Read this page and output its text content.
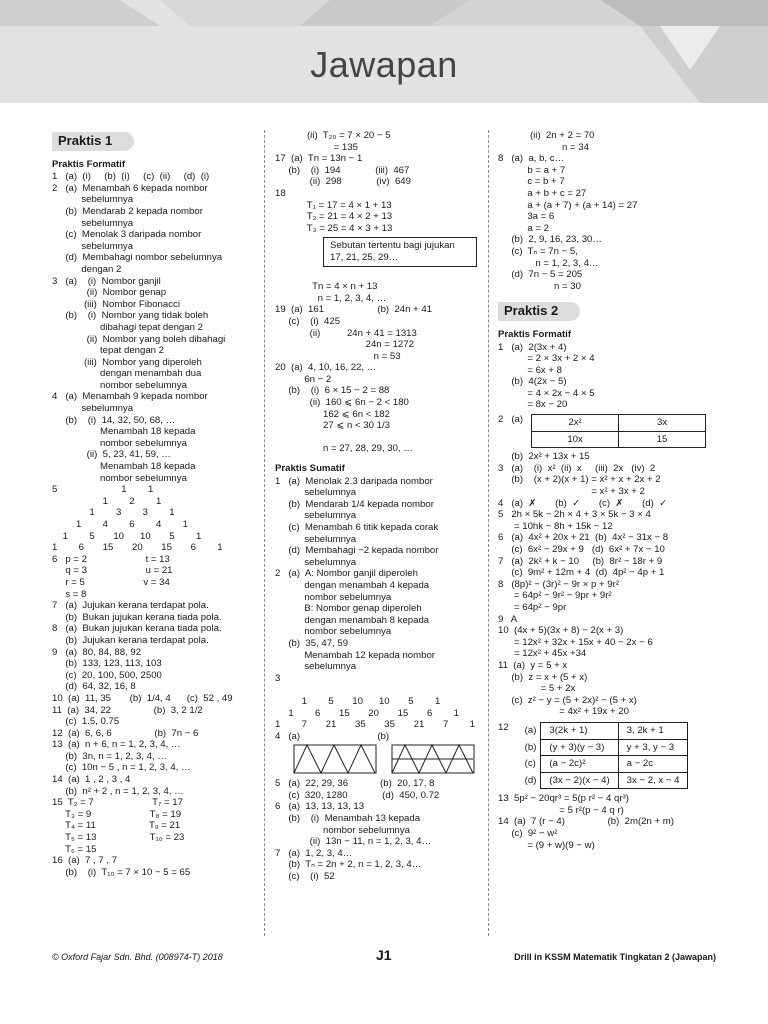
Jawapan
Praktis 1
Praktis Formatif
1   (a)  (i)     (b)  (i)     (c)  (ii)     (d)  (i)
2   (a)  Menambah 6 kepada nombor
sebelumnya
(b)  Mendarab 2 kepada nombor
sebelumnya
(c)  Menolak 3 daripada nombor
sebelumnya
(d)  Membahagi nombor sebelumnya
dengan 2
3   (a)    (i)  Nombor ganjil
(ii)  Nombor genap
(iii)  Nombor Fibonacci
(b)    (i)  Nombor yang tidak boleh
dibahagi tepat dengan 2
(ii)  Nombor yang boleh dibahagi
tepat dengan 2
(iii)  Nombor yang diperoleh
dengan menambah dua
nombor sebelumnya
4   (a)  Menambah 9 kepada nombor
sebelumnya
(b)    (i)  14, 32, 50, 68, …
Menambah 18 kepada
nombor sebelumnya
(ii)  5, 23, 41, 59, …
Menambah 18 kepada
nombor sebelumnya
5                        1        1
1        2        1
1        3        3        1
1        4        6        4        1
1        5       10      10       5        1
1        6       15       20       15       6        1
6   p = 2                      t = 13
q = 3                      u = 21
r = 5                      v = 34
s = 8
7   (a)  Jujukan kerana terdapat pola.
(b)  Bukan jujukan kerana tiada pola.
8   (a)  Bukan jujukan kerana tiada pola.
(b)  Jujukan kerana terdapat pola.
9   (a)  80, 84, 88, 92
(b)  133, 123, 113, 103
(c)  20, 100, 500, 2500
(d)  64, 32, 16, 8
10  (a)  11, 35       (b)  1/4, 4      (c)  52 , 49
11  (a)  34, 22                (b)  3, 2 1/2
(c)  1.5, 0.75
12  (a)  6, 6, 6                (b)  7n − 6
13  (a)  n + 6, n = 1, 2, 3, 4, …
(b)  3n, n = 1, 2, 3, 4, …
(c)  10n − 5 , n = 1, 2, 3, 4, …
14  (a)  1 , 2 , 3 , 4
(b)  n² + 2 , n = 1, 2, 3, 4, …
15  T₂ = 7                      T₇ = 17
T₃ = 9                      T₈ = 19
T₄ = 11                    T₉ = 21
T₅ = 13                    T₁₀ = 23
T₆ = 15
16  (a)  7 , 7 , 7
(b)    (i)  T₁₀ = 7 × 10 − 5 = 65
(ii)  T₂₀ = 7 × 20 − 5
= 135
17  (a)  Tn = 13n − 1
(b)    (i)  194             (iii)  467
(ii)  298             (iv)  649
18
T₁ = 17 = 4 × 1 + 13
T₂ = 21 = 4 × 2 + 13
T₃ = 25 = 4 × 3 + 13
Sebutan tertentu bagi jujukan 17, 21, 25, 29…

Tn = 4 × n + 13
n = 1, 2, 3, 4, …
19  (a)  161                    (b)  24n + 41
(c)    (i)  425
(ii)          24n + 41 = 1313
24n = 1272
n = 53
20  (a)  4, 10, 16, 22, …
6n − 2
(b)    (i)  6 × 15 − 2 = 88
(ii)  160 ⩽ 6n − 2 < 180
162 ⩽ 6n < 182
27 ⩽ n < 30 1/3

n = 27, 28, 29, 30, …
Praktis Sumatif
1   (a)  Menolak 2.3 daripada nombor
sebelumnya
(b)  Mendarab 1/4 kepada nombor
sebelumnya
(c)  Menambah 6 titik kepada corak
sebelumnya
(d)  Membahagi −2 kepada nombor
sebelumnya
2   (a)  A: Nombor ganjil diperoleh
dengan menambah 4 kepada
nombor sebelumnya
B: Nombor genap diperoleh
dengan menambah 8 kepada
nombor sebelumnya
(b)  35, 47, 59
Menambah 12 kepada nombor
sebelumnya
3

1        5       10      10       5        1
1        6       15       20       15       6        1
1        7       21       35       35       21       7        1
4   (a)                             (b)
5   (a)  22, 29, 36            (b)  20, 17, 8
(c)  320, 1280             (d)  450, 0.72
6   (a)  13, 13, 13, 13
(b)    (i)  Menambah 13 kepada
nombor sebelumnya
(ii)  13n − 11, n = 1, 2, 3, 4…
7   (a)  1, 2, 3, 4…
(b)  Tₙ = 2n + 2, n = 1, 2, 3, 4…
(c)    (i)  52
(ii)  2n + 2 = 70
n = 34
8   (a)  a, b, c…
b = a + 7
c = b + 7
a + b + c = 27
a + (a + 7) + (a + 14) = 27
3a = 6
a = 2
(b)  2, 9, 16, 23, 30…
(c)  Tₙ = 7n − 5,
n = 1, 2, 3, 4…
(d)  7n − 5 = 205
n = 30
Praktis 2
Praktis Formatif
1   (a)  2(3x + 4)
= 2 × 3x + 2 × 4
= 6x + 8
(b)  4(2x − 5)
= 4 × 2x − 4 × 5
= 8x − 20
2   (a)	2x²	3x
10x	15
(b)  2x² + 13x + 15
3   (a)    (i)  x²  (ii)  x     (iii)  2x   (iv)  2
(b)    (x + 2)(x + 1) = x² + x + 2x + 2
= x² + 3x + 2
4   (a)  ✗       (b)  ✓       (c)  ✗       (d)  ✓
5   2h × 5k − 2h × 4 + 3 × 5k − 3 × 4
= 10hk − 8h + 15k − 12
6   (a)  4x² + 20x + 21  (b)  4x² − 31x − 8
(c)  6x² − 29x + 9   (d)  6x² + 7x − 10
7   (a)  2k² + k − 10     (b)  8r² − 18r + 9
(c)  9m² + 12m + 4  (d)  4p² − 4p + 1
8   (8p)² − (3r)² − 9r × p + 9r²
= 64p² − 9r² − 9pr + 9r²
= 64p² − 9pr
9   A
10  (4x + 5)(3x + 8) − 2(x + 3)
= 12x² + 32x + 15x + 40 − 2x − 6
= 12x² + 45x +34
11  (a)  y = 5 + x
(b)  z = x + (5 + x)
= 5 + 2x
(c)  z² − y = (5 + 2x)² − (5 + x)
= 4x² + 19x + 20
12 (a)	3(2k + 1)	3, 2k + 1
(b)	(y + 3)(y − 3)	y + 3, y − 3
(c)	(a − 2c)²	a − 2c
(d)	(3x − 2)(x − 4)	3x − 2, x − 4
13  5p² − 20qr³ = 5(p r² − 4 qr³)
= 5 r²(p − 4 q r)
14  (a)  7 (r − 4)                (b)  2m(2n + m)
(c)  9² − w²
= (9 + w)(9 − w)
© Oxford Fajar Sdn. Bhd. (008974-T) 2018	J1	Drill in KSSM Matematik Tingkatan 2 (Jawapan)
